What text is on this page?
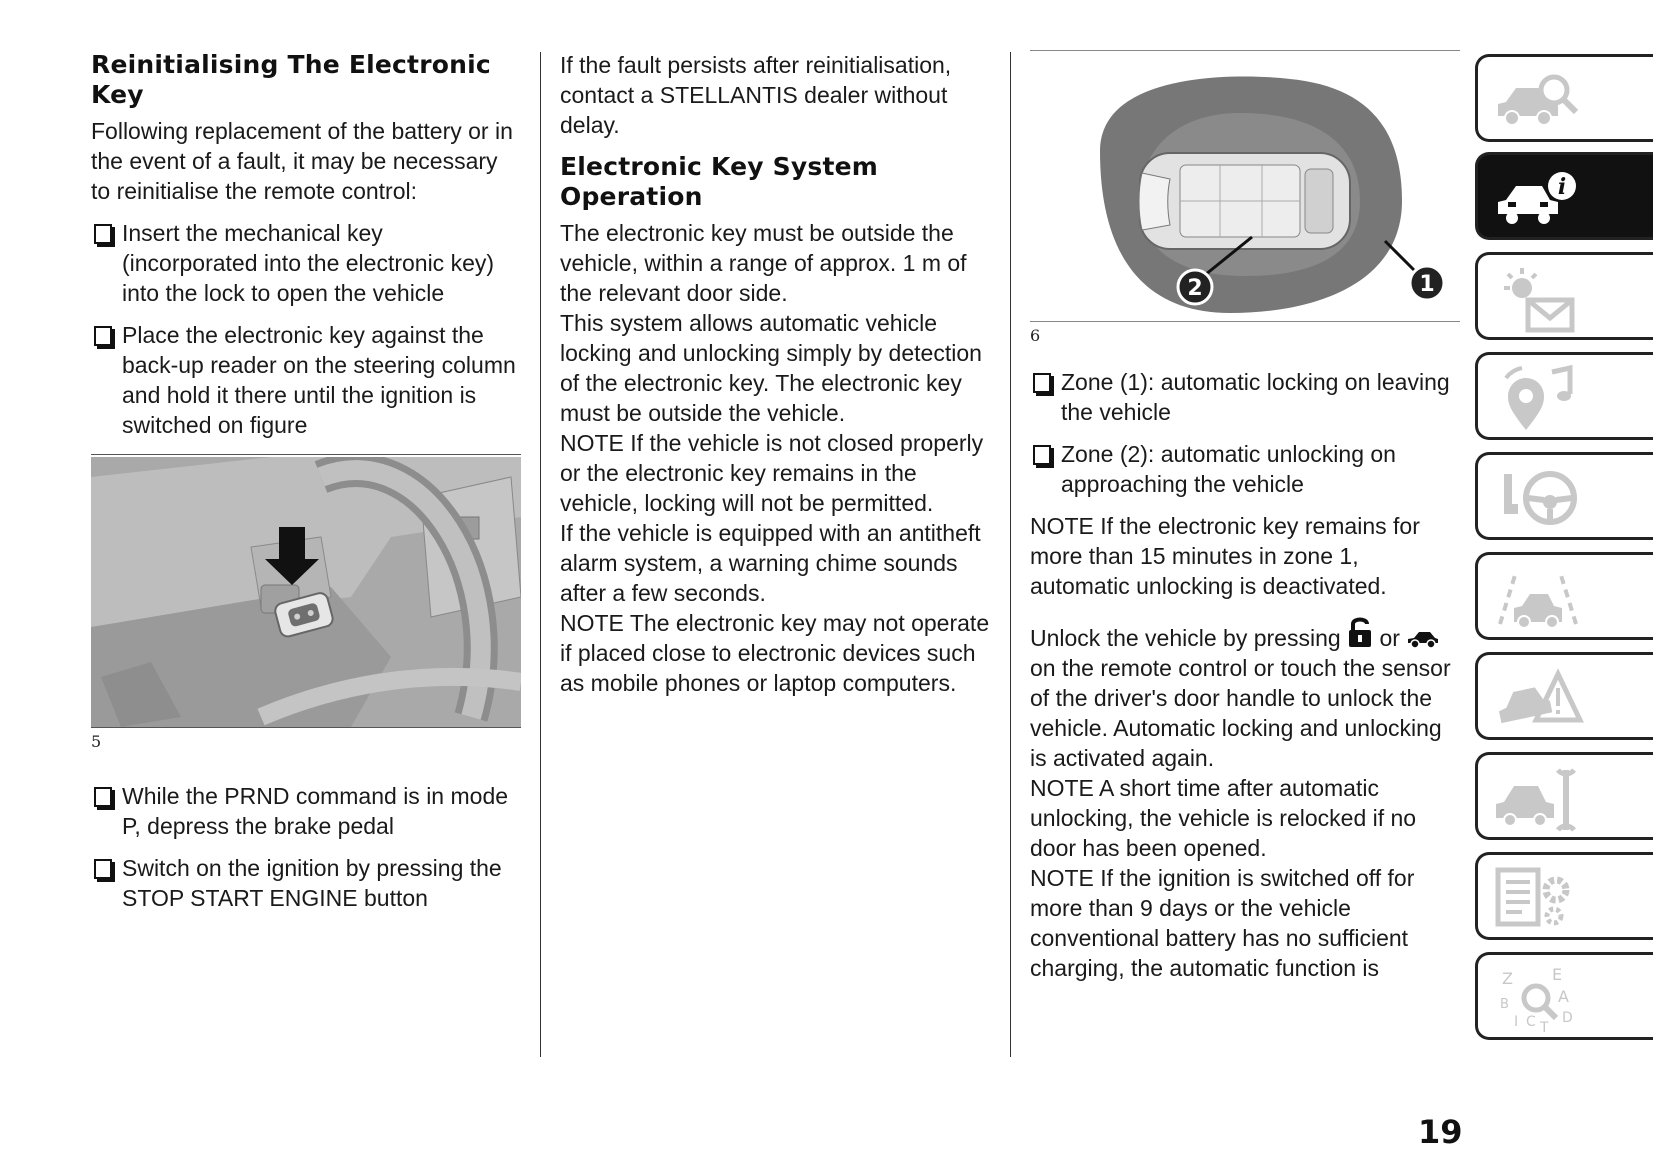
Reinitialising The Electronic Key

Following replacement of the battery or in the event of a fault, it may be necessary to reinitialise the remote control:

Insert the mechanical key (incorporated into the electronic key) into the lock to open the vehicle
Place the electronic key against the back-up reader on the steering column and hold it there until the ignition is switched on figure
5
While the PRND command is in mode P, depress the brake pedal
Switch on the ignition by pressing the STOP START ENGINE button

If the fault persists after reinitialisation, contact a STELLANTIS dealer without delay.

Electronic Key System Operation

The electronic key must be outside the vehicle, within a range of approx. 1 m of the relevant door side.

This system allows automatic vehicle locking and unlocking simply by detection of the electronic key. The electronic key must be outside the vehicle.

NOTE If the vehicle is not closed properly or the electronic key remains in the vehicle, locking will not be permitted.

If the vehicle is equipped with an antitheft alarm system, a warning chime sounds after a few seconds.

NOTE The electronic key may not operate if placed close to electronic devices such as mobile phones or laptop computers.

2	1
6
Zone (1): automatic locking on leaving the vehicle
Zone (2): automatic unlocking on approaching the vehicle

NOTE If the electronic key remains for more than 15 minutes in zone 1, automatic unlocking is deactivated.

Unlock the vehicle by pressing or  on the remote control or touch the sensor of the driver's door handle to unlock the vehicle. Automatic locking and unlocking is activated again.

NOTE A short time after automatic unlocking, the vehicle is relocked if no door has been opened.

NOTE If the ignition is switched off for more than 9 days or the vehicle conventional battery has no sufficient charging, the automatic function is

19
i
Z E
B	A
I C T
D
